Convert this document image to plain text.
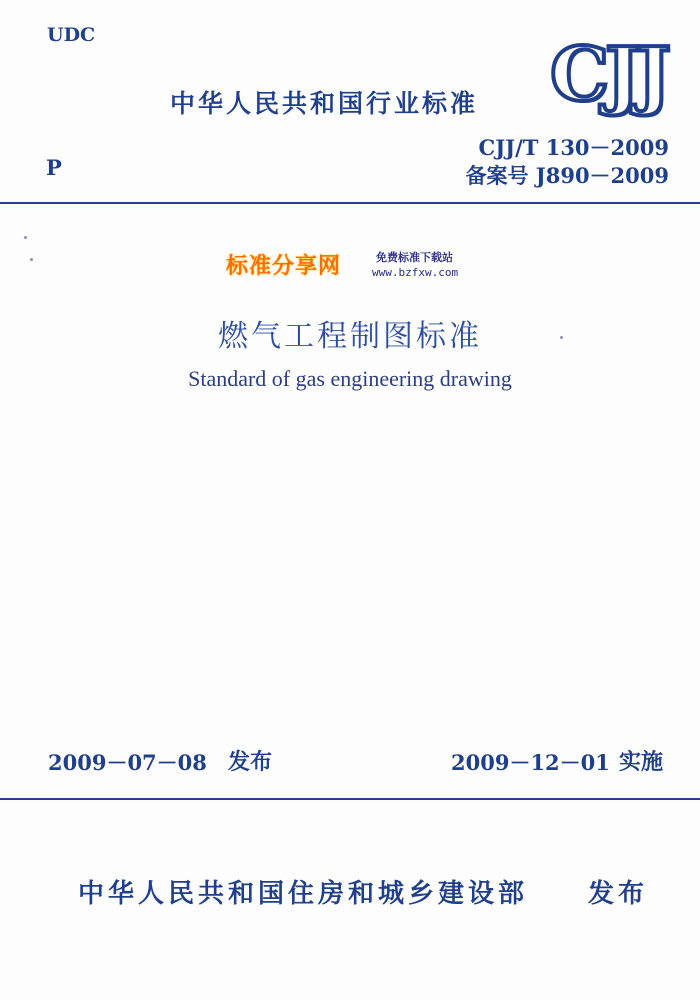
UDC
中华人民共和国行业标准 CJJ
CJJ/T 130－2009
P	备案号 J890－2009
标准分享网	免费标准下载站
www.bzfxw.com
燃气工程制图标准
Standard of gas engineering drawing
2009－07－08 发布	2009－12－01 实施
中华人民共和国住房和城乡建设部 发布
